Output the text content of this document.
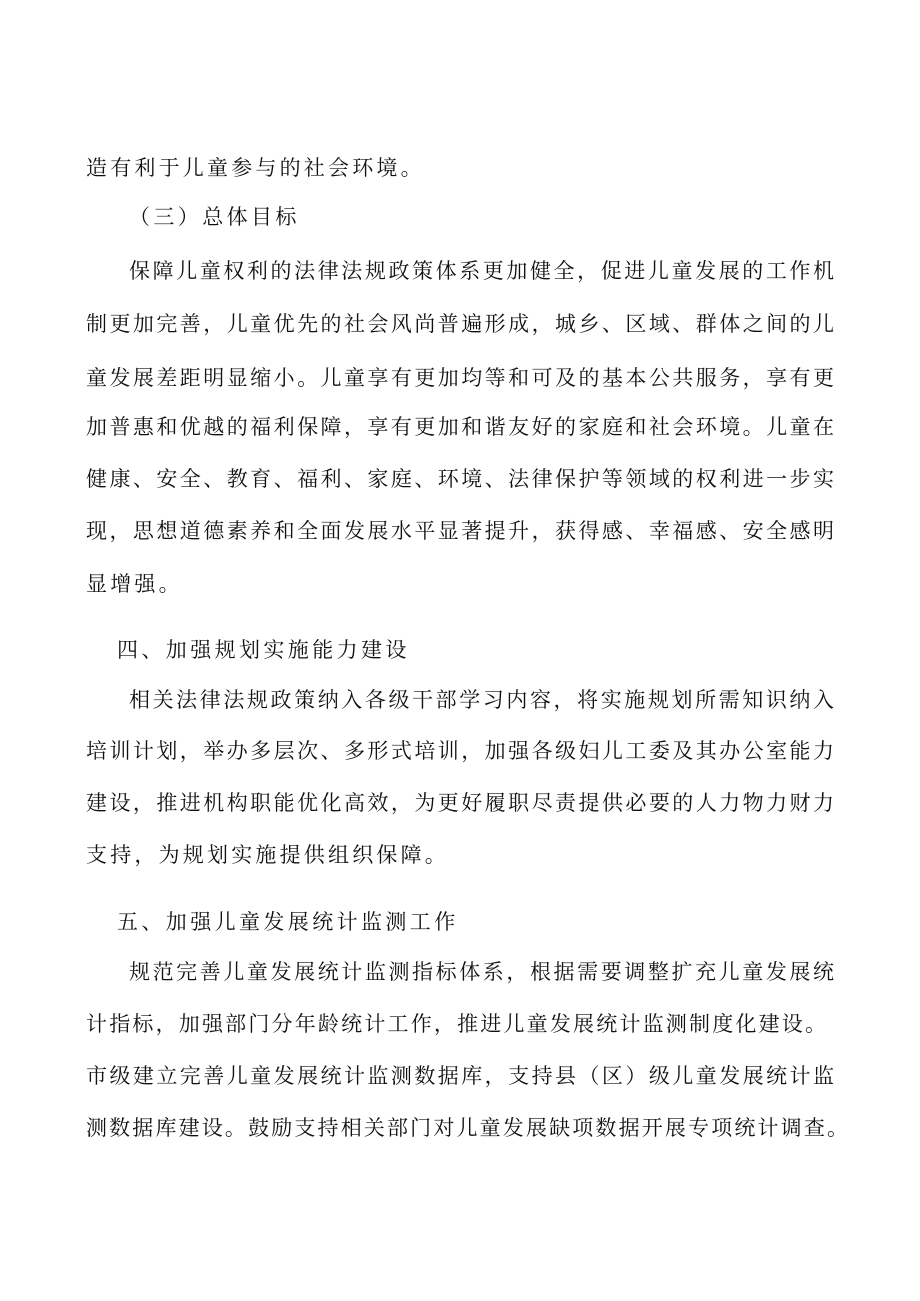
造有利于儿童参与的社会环境。
（三）总体目标
保障儿童权利的法律法规政策体系更加健全，促进儿童发展的工作机
制更加完善，儿童优先的社会风尚普遍形成，城乡、区域、群体之间的儿
童发展差距明显缩小。儿童享有更加均等和可及的基本公共服务，享有更
加普惠和优越的福利保障，享有更加和谐友好的家庭和社会环境。儿童在
健康、安全、教育、福利、家庭、环境、法律保护等领域的权利进一步实
现，思想道德素养和全面发展水平显著提升，获得感、幸福感、安全感明
显增强。
四、加强规划实施能力建设
相关法律法规政策纳入各级干部学习内容，将实施规划所需知识纳入
培训计划，举办多层次、多形式培训，加强各级妇儿工委及其办公室能力
建设，推进机构职能优化高效，为更好履职尽责提供必要的人力物力财力
支持，为规划实施提供组织保障。
五、加强儿童发展统计监测工作
规范完善儿童发展统计监测指标体系，根据需要调整扩充儿童发展统
计指标，加强部门分年龄统计工作，推进儿童发展统计监测制度化建设。
市级建立完善儿童发展统计监测数据库，支持县（区）级儿童发展统计监
测数据库建设。鼓励支持相关部门对儿童发展缺项数据开展专项统计调查。
